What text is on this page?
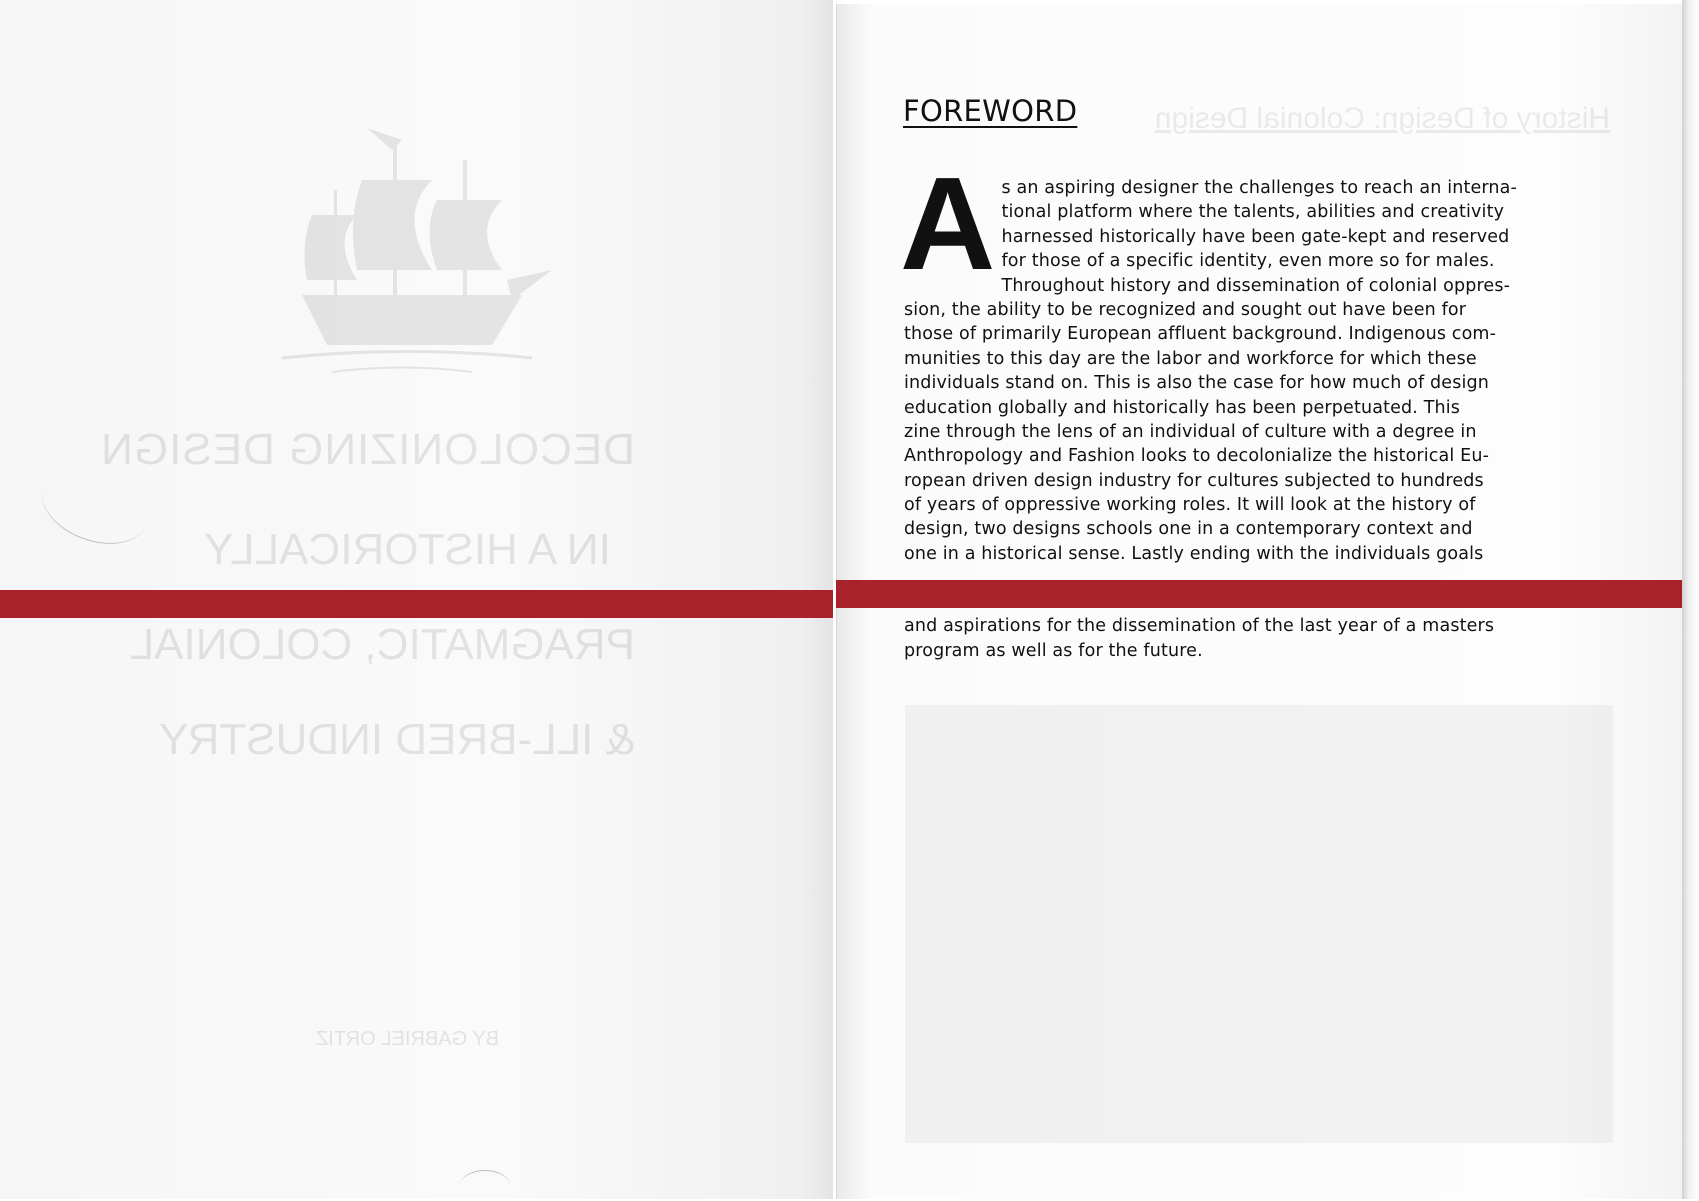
DECOLONIZING DESIGN
IN A HISTORICALLY
PRAGMATIC, COLONIAL
& ILL-BRED INDUSTRY
BY GABRIEL ORTIZ
History of Design: Colonial Design
FOREWORD
A s an aspiring designer the challenges to reach an interna-
tional platform where the talents, abilities and creativity
harnessed historically have been gate-kept and reserved
for those of a specific identity, even more so for males.
Throughout history and dissemination of colonial oppres-
sion, the ability to be recognized and sought out have been for
those of primarily European affluent background. Indigenous com-
munities to this day are the labor and workforce for which these
individuals stand on. This is also the case for how much of design
education globally and historically has been perpetuated. This
zine through the lens of an individual of culture with a degree in
Anthropology and Fashion looks to decolonialize the historical Eu-
ropean driven design industry for cultures subjected to hundreds
of years of oppressive working roles. It will look at the history of
design, two designs schools one in a contemporary context and
one in a historical sense. Lastly ending with the individuals goals
and aspirations for the dissemination of the last year of a masters
program as well as for the future.
